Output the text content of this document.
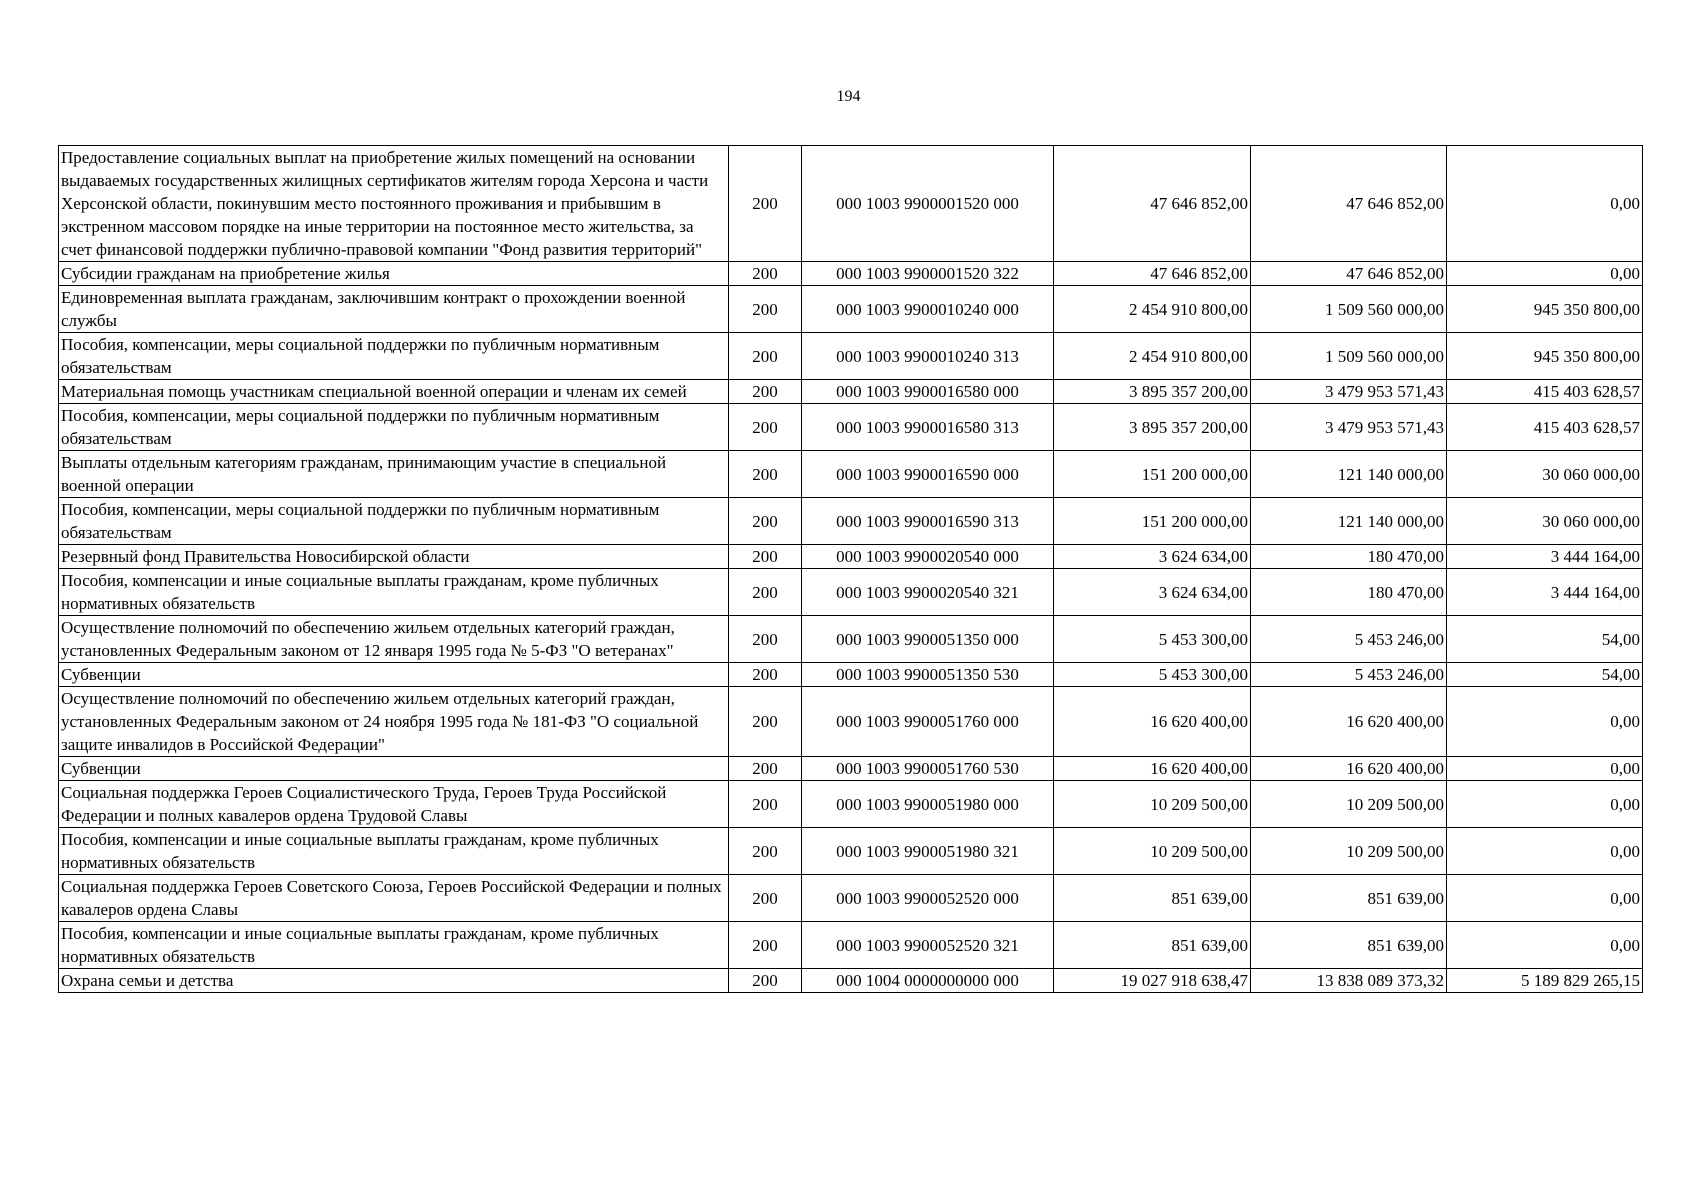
194
Предоставление социальных выплат на приобретение жилых помещений на основании выдаваемых государственных жилищных сертификатов жителям города Херсона и части Херсонской области, покинувшим место постоянного проживания и прибывшим в экстренном массовом порядке на иные территории на постоянное место жительства, за счет финансовой поддержки публично-правовой компании "Фонд развития территорий"	200	000 1003 9900001520 000	47 646 852,00	47 646 852,00	0,00
Субсидии гражданам на приобретение жилья	200	000 1003 9900001520 322	47 646 852,00	47 646 852,00	0,00
Единовременная выплата гражданам, заключившим контракт о прохождении военной службы	200	000 1003 9900010240 000	2 454 910 800,00	1 509 560 000,00	945 350 800,00
Пособия, компенсации, меры социальной поддержки по публичным нормативным обязательствам	200	000 1003 9900010240 313	2 454 910 800,00	1 509 560 000,00	945 350 800,00
Материальная помощь участникам специальной военной операции и членам их семей	200	000 1003 9900016580 000	3 895 357 200,00	3 479 953 571,43	415 403 628,57
Пособия, компенсации, меры социальной поддержки по публичным нормативным обязательствам	200	000 1003 9900016580 313	3 895 357 200,00	3 479 953 571,43	415 403 628,57
Выплаты отдельным категориям гражданам, принимающим участие в специальной военной операции	200	000 1003 9900016590 000	151 200 000,00	121 140 000,00	30 060 000,00
Пособия, компенсации, меры социальной поддержки по публичным нормативным обязательствам	200	000 1003 9900016590 313	151 200 000,00	121 140 000,00	30 060 000,00
Резервный фонд Правительства Новосибирской области	200	000 1003 9900020540 000	3 624 634,00	180 470,00	3 444 164,00
Пособия, компенсации и иные социальные выплаты гражданам, кроме публичных нормативных обязательств	200	000 1003 9900020540 321	3 624 634,00	180 470,00	3 444 164,00
Осуществление полномочий по обеспечению жильем отдельных категорий граждан, установленных Федеральным законом от 12 января 1995 года № 5-ФЗ "О ветеранах"	200	000 1003 9900051350 000	5 453 300,00	5 453 246,00	54,00
Субвенции	200	000 1003 9900051350 530	5 453 300,00	5 453 246,00	54,00
Осуществление полномочий по обеспечению жильем отдельных категорий граждан, установленных Федеральным законом от 24 ноября 1995 года № 181-ФЗ "О социальной защите инвалидов в Российской Федерации"	200	000 1003 9900051760 000	16 620 400,00	16 620 400,00	0,00
Субвенции	200	000 1003 9900051760 530	16 620 400,00	16 620 400,00	0,00
Социальная поддержка Героев Социалистического Труда, Героев Труда Российской Федерации и полных кавалеров ордена Трудовой Славы	200	000 1003 9900051980 000	10 209 500,00	10 209 500,00	0,00
Пособия, компенсации и иные социальные выплаты гражданам, кроме публичных нормативных обязательств	200	000 1003 9900051980 321	10 209 500,00	10 209 500,00	0,00
Социальная поддержка Героев Советского Союза, Героев Российской Федерации и полных кавалеров ордена Славы	200	000 1003 9900052520 000	851 639,00	851 639,00	0,00
Пособия, компенсации и иные социальные выплаты гражданам, кроме публичных нормативных обязательств	200	000 1003 9900052520 321	851 639,00	851 639,00	0,00
Охрана семьи и детства	200	000 1004 0000000000 000	19 027 918 638,47	13 838 089 373,32	5 189 829 265,15
